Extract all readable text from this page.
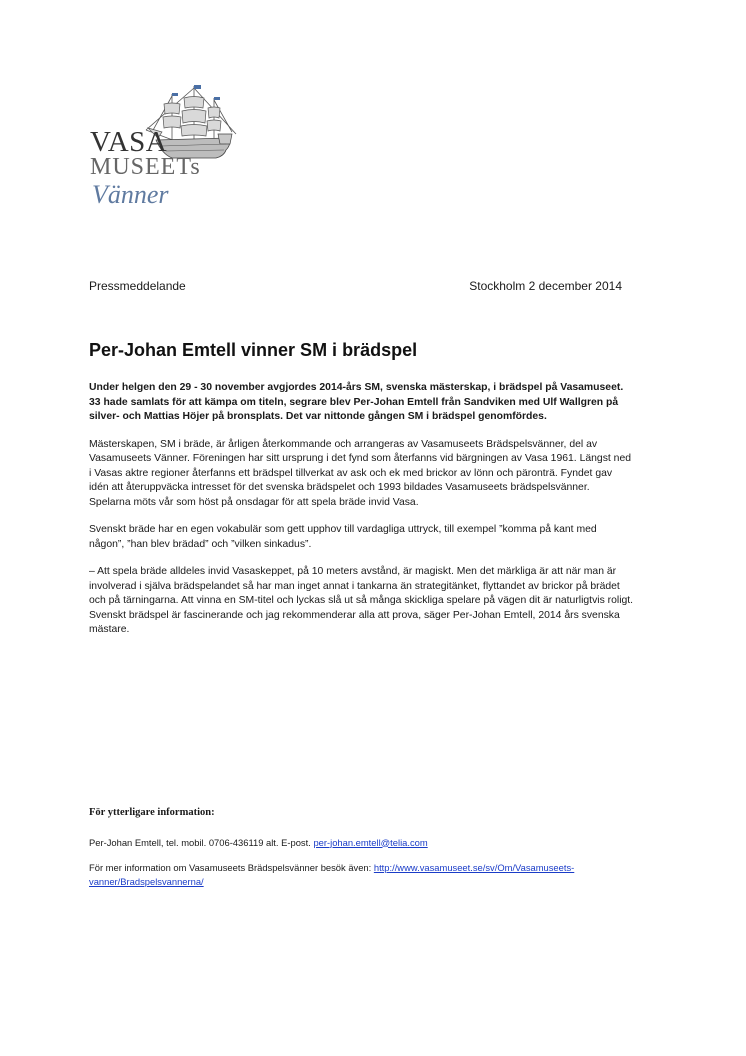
VASA
MUSEETs
Vänner
Pressmeddelande	Stockholm 2 december 2014
Per-Johan Emtell vinner SM i brädspel

Under helgen den 29 - 30 november avgjordes 2014-års SM, svenska mästerskap, i brädspel på Vasamuseet. 33 hade samlats för att kämpa om titeln, segrare blev Per-Johan Emtell från Sandviken med Ulf Wallgren på silver- och Mattias Höjer på bronsplats. Det var nittonde gången SM i brädspel genomfördes.

Mästerskapen, SM i bräde, är årligen återkommande och arrangeras av Vasamuseets Brädspelsvänner, del av Vasamuseets Vänner. Föreningen har sitt ursprung i det fynd som återfanns vid bärgningen av Vasa 1961. Längst ned i Vasas aktre regioner återfanns ett brädspel tillverkat av ask och ek med brickor av lönn och päronträ. Fyndet gav idén att återuppväcka intresset för det svenska brädspelet och 1993 bildades Vasamuseets brädspelsvänner. Spelarna möts vår som höst på onsdagar för att spela bräde invid Vasa.

Svenskt bräde har en egen vokabulär som gett upphov till vardagliga uttryck, till exempel ”komma på kant med någon”, ”han blev brädad” och ”vilken sinkadus”.

– Att spela bräde alldeles invid Vasaskeppet, på 10 meters avstånd, är magiskt. Men det märkliga är att när man är involverad i själva brädspelandet så har man inget annat i tankarna än strategitänket, flyttandet av brickor på brädet och på tärningarna. Att vinna en SM-titel och lyckas slå ut så många skickliga spelare på vägen dit är naturligtvis roligt. Svenskt brädspel är fascinerande och jag rekommenderar alla att prova, säger Per-Johan Emtell, 2014 års svenska mästare.

För ytterligare information:

Per-Johan Emtell, tel. mobil. 0706-436119 alt. E-post. per-johan.emtell@telia.com

För mer information om Vasamuseets Brädspelsvänner besök även: http://www.vasamuseet.se/sv/Om/Vasamuseets-vanner/Bradspelsvannerna/
